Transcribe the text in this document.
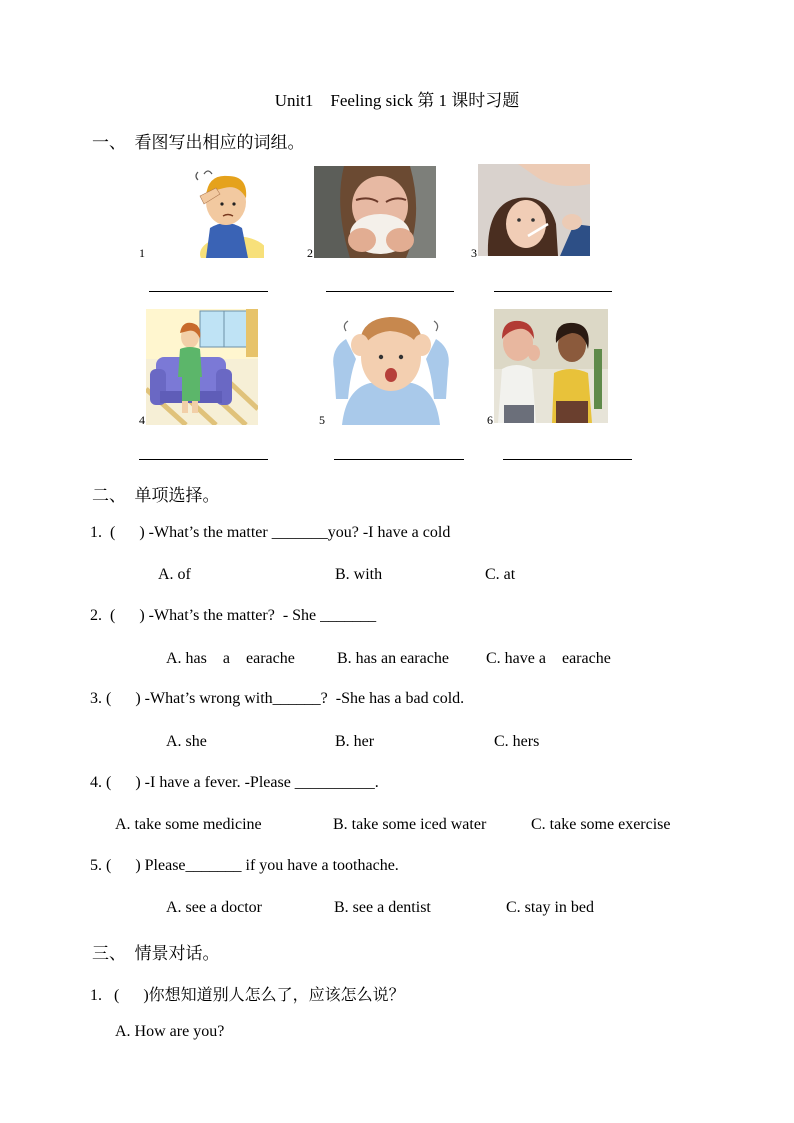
Unit1    Feeling sick 第 1 课时习题
一、  看图写出相应的词组。
1	2	3
4	5	6
二、  单项选择。
1.  (      ) -What’s the matter _______you? -I have a cold
A. of	B. with	C. at
2.  (      ) -What’s the matter?  - She _______
A. has    a    earache	B. has an earache C. have a    earache
3. (      ) -What’s wrong with______?  -She has a bad cold.
A. she	B. her	C. hers
4. (      ) -I have a fever. -Please __________.
A. take some medicine	B. take some iced water	C. take some exercise
5. (      ) Please_______ if you have a toothache.
A. see a doctor	B. see a dentist	C. stay in bed
三、  情景对话。
1.   (      )你想知道别人怎么了，应该怎么说？
A. How are you?
